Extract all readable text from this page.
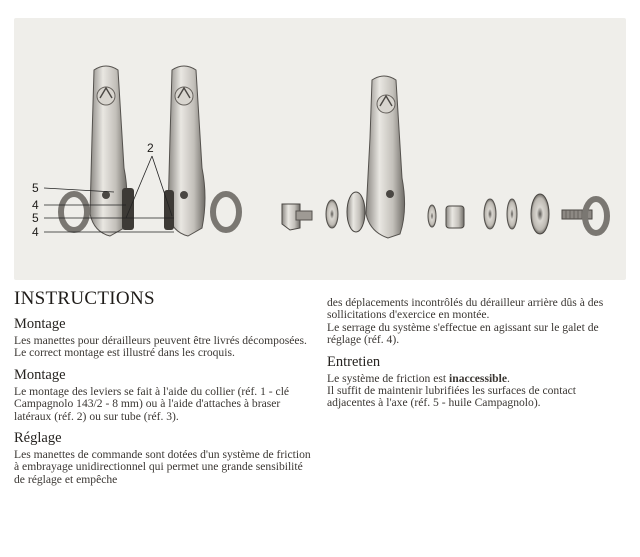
2
5
4
5
4
INSTRUCTIONS
Montage

Les manettes pour dérailleurs peuvent être livrés décomposées.
Le correct montage est illustré dans les croquis.

Montage

Le montage des leviers se fait à l'aide du collier (réf. 1 - clé Campagnolo 143/2 - 8 mm) ou à l'aide d'attaches à braser latéraux (réf. 2) ou sur tube (réf. 3).

Réglage

Les manettes de commande sont dotées d'un système de friction à embrayage unidirectionnel qui permet une grande sensibilité de réglage et empêche

des déplacements incontrôlés du dérailleur arrière dûs à des sollicitations d'exercice en montée.
Le serrage du système s'effectue en agissant sur le galet de réglage (réf. 4).

Entretien

Le système de friction est inaccessible.
Il suffit de maintenir lubrifiées les surfaces de contact adjacentes à l'axe (réf. 5 - huile Campagnolo).
